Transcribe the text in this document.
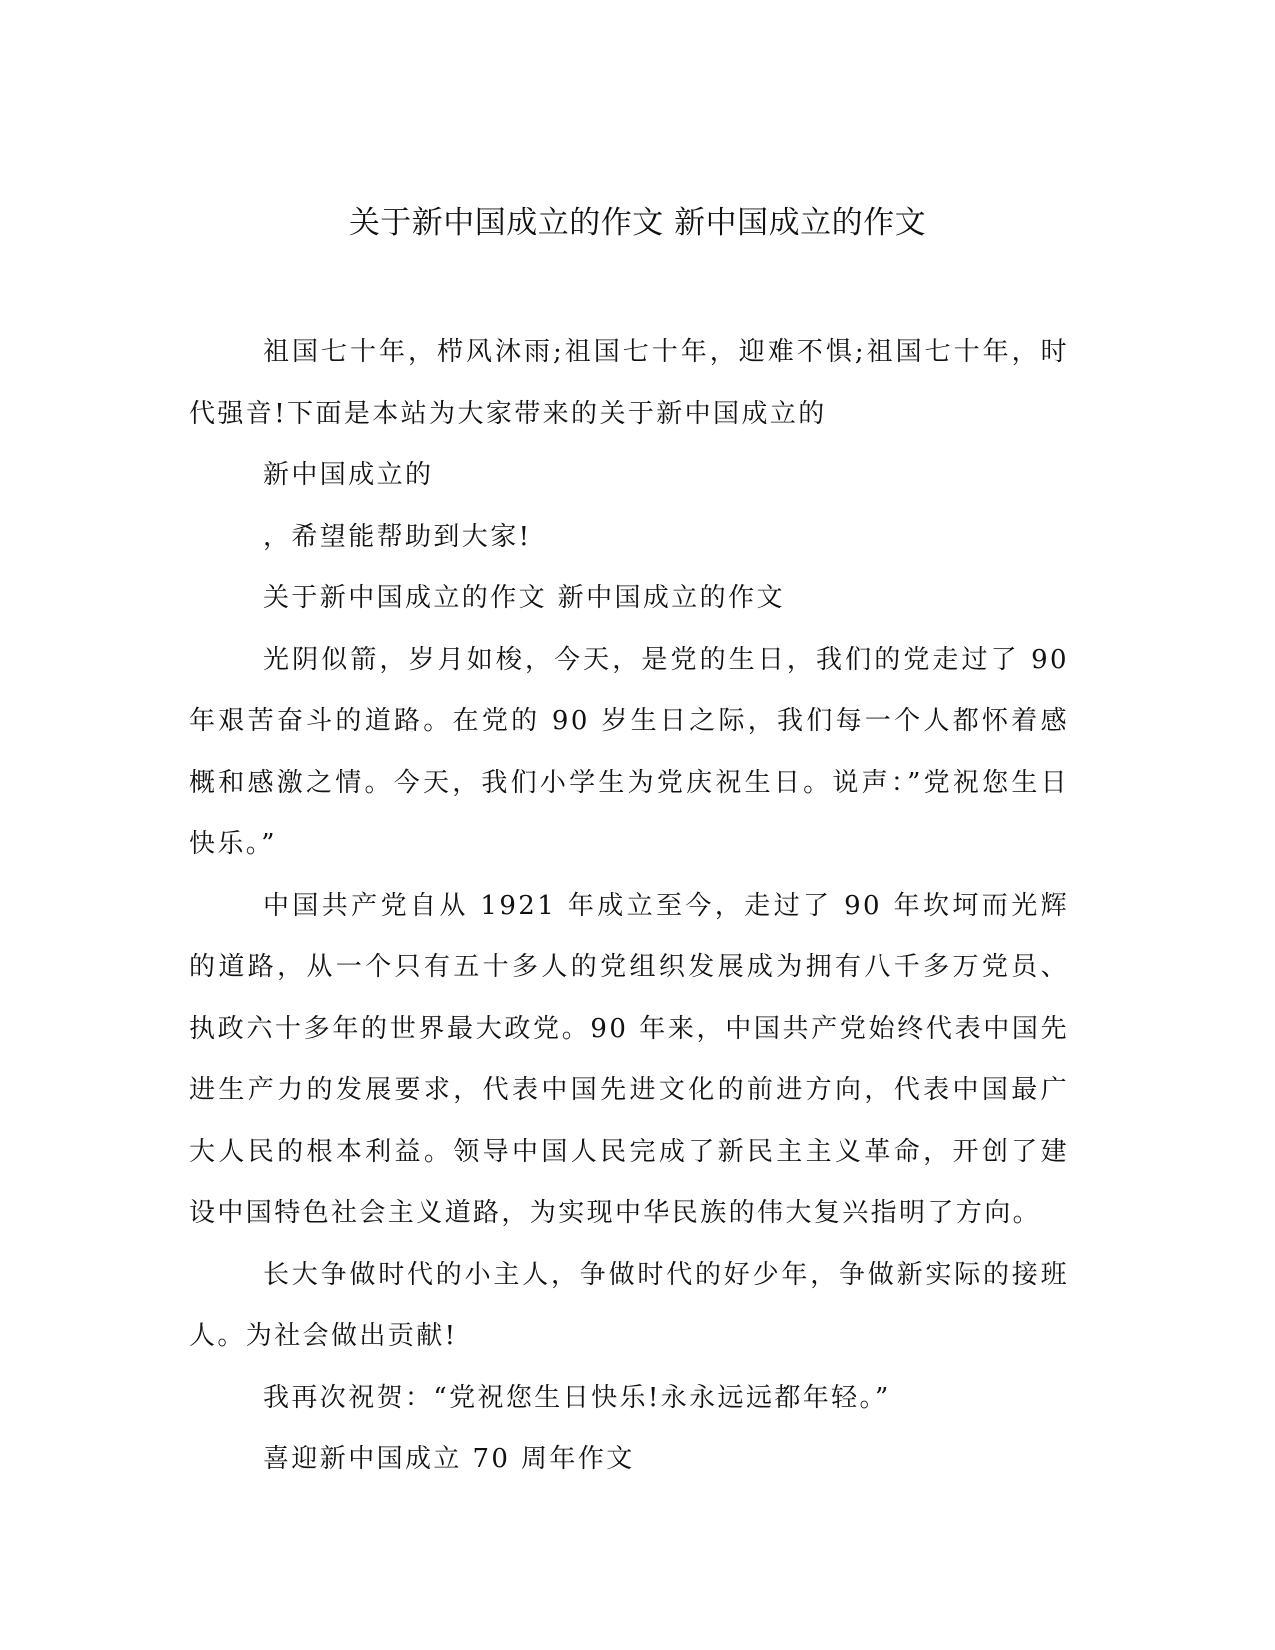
关于新中国成立的作文 新中国成立的作文

祖国七十年，栉风沐雨;祖国七十年，迎难不惧;祖国七十年，时代强音!下面是本站为大家带来的关于新中国成立的

新中国成立的

，希望能帮助到大家!

关于新中国成立的作文 新中国成立的作文

光阴似箭，岁月如梭，今天，是党的生日，我们的党走过了 90 年艰苦奋斗的道路。在党的 90 岁生日之际，我们每一个人都怀着感概和感激之情。今天，我们小学生为党庆祝生日。说声：”党祝您生日快乐。”

中国共产党自从 1921 年成立至今，走过了 90 年坎坷而光辉的道路，从一个只有五十多人的党组织发展成为拥有八千多万党员、执政六十多年的世界最大政党。90 年来，中国共产党始终代表中国先进生产力的发展要求，代表中国先进文化的前进方向，代表中国最广大人民的根本利益。领导中国人民完成了新民主主义革命，开创了建设中国特色社会主义道路，为实现中华民族的伟大复兴指明了方向。

长大争做时代的小主人，争做时代的好少年，争做新实际的接班人。为社会做出贡献!

我再次祝贺：“党祝您生日快乐!永永远远都年轻。”

喜迎新中国成立 70 周年作文
